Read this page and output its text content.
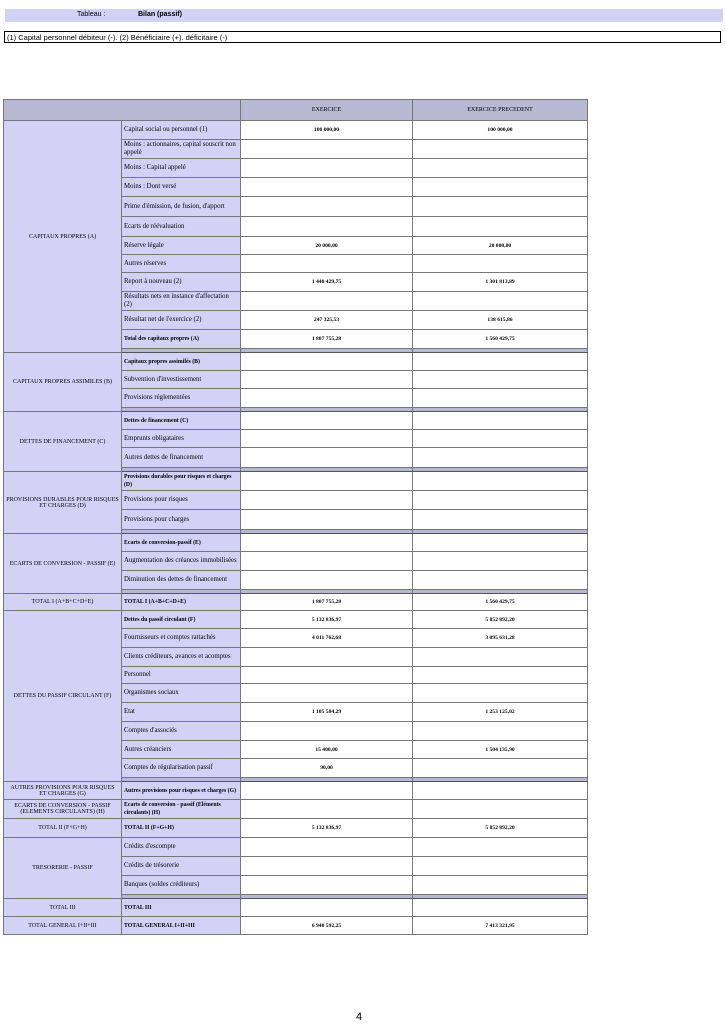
Tableau :	Bilan (passif)
(1) Capital personnel débiteur (-). (2) Bénéficiaire (+). déficitaire (-)
		EXERCICE	EXERCICE PRECEDENT
CAPITAUX PROPRES (A)	Capital social ou personnel (1)	100 000,00	100 000,00
	Moins : actionnaires, capital souscrit non appelé		
	Moins : Capital appelé		
	Moins : Dont versé		
	Prime d'émission, de fusion, d'apport		
	Ecarts de réévaluation		
	Réserve légale	20 000,00	20 000,00
	Autres réserves		
	Report à nouveau (2)	1 440 429,75	1 301 813,89
	Résultats nets en instance d'affectation (2)		
	Résultat net de l'exercice (2)	247 325,53	138 615,86
	Total des capitaux propres (A)	1 807 755,28	1 560 429,75

CAPITAUX PROPRES ASSIMILES (B)	Capitaux propres assimilés (B)		
	Subvention d'investissement		
	Provisions réglementées		

DETTES DE FINANCEMENT (C)	Dettes de financement (C)		
	Emprunts obligataires		
	Autres dettes de financement		

PROVISIONS DURABLES POUR RISQUES ET CHARGES (D)	Provisions durables pour risques et charges (D)		
	Provisions pour risques		
	Provisions pour charges		

ECARTS DE CONVERSION - PASSIF (E)	Ecarts de conversion-passif (E)		
	Augmentation des créances immobilisées		
	Diminution des dettes de financement		

TOTAL I (A+B+C+D+E)	TOTAL I (A+B+C+D+E)	1 807 755,28	1 560 429,75
DETTES DU PASSIF CIRCULANT (F)	Dettes du passif circulant (F)	5 132 836,97	5 852 892,20
	Fournisseurs et comptes rattachés	4 011 762,68	3 095 631,28
	Clients créditeurs, avances et acomptes		
	Personnel		
	Organismes sociaux		
	Etat	1 105 584,29	1 253 125,02
	Comptes d'associés		
	Autres créanciers	15 400,00	1 504 135,90
	Comptes de régularisation passif	90,00	

AUTRES PROVISIONS POUR RISQUES ET CHARGES (G)	Autres provisions pour risques et charges (G)		
ECARTS DE CONVERSION - PASSIF (ELEMENTS CIRCULANTS) (H)	Ecarts de conversion - passif (Eléments circulants) (H)		
TOTAL II (F+G+H)	TOTAL II (F+G+H)	5 132 836,97	5 852 892,20
TRESORERIE - PASSIF	Crédits d'escompte		
	Crédits de trésorerie		
	Banques (soldes créditeurs)		

TOTAL III	TOTAL III		
TOTAL GENERAL I+II+III	TOTAL GENERAL I+II+III	6 940 592,25	7 413 321,95
4
